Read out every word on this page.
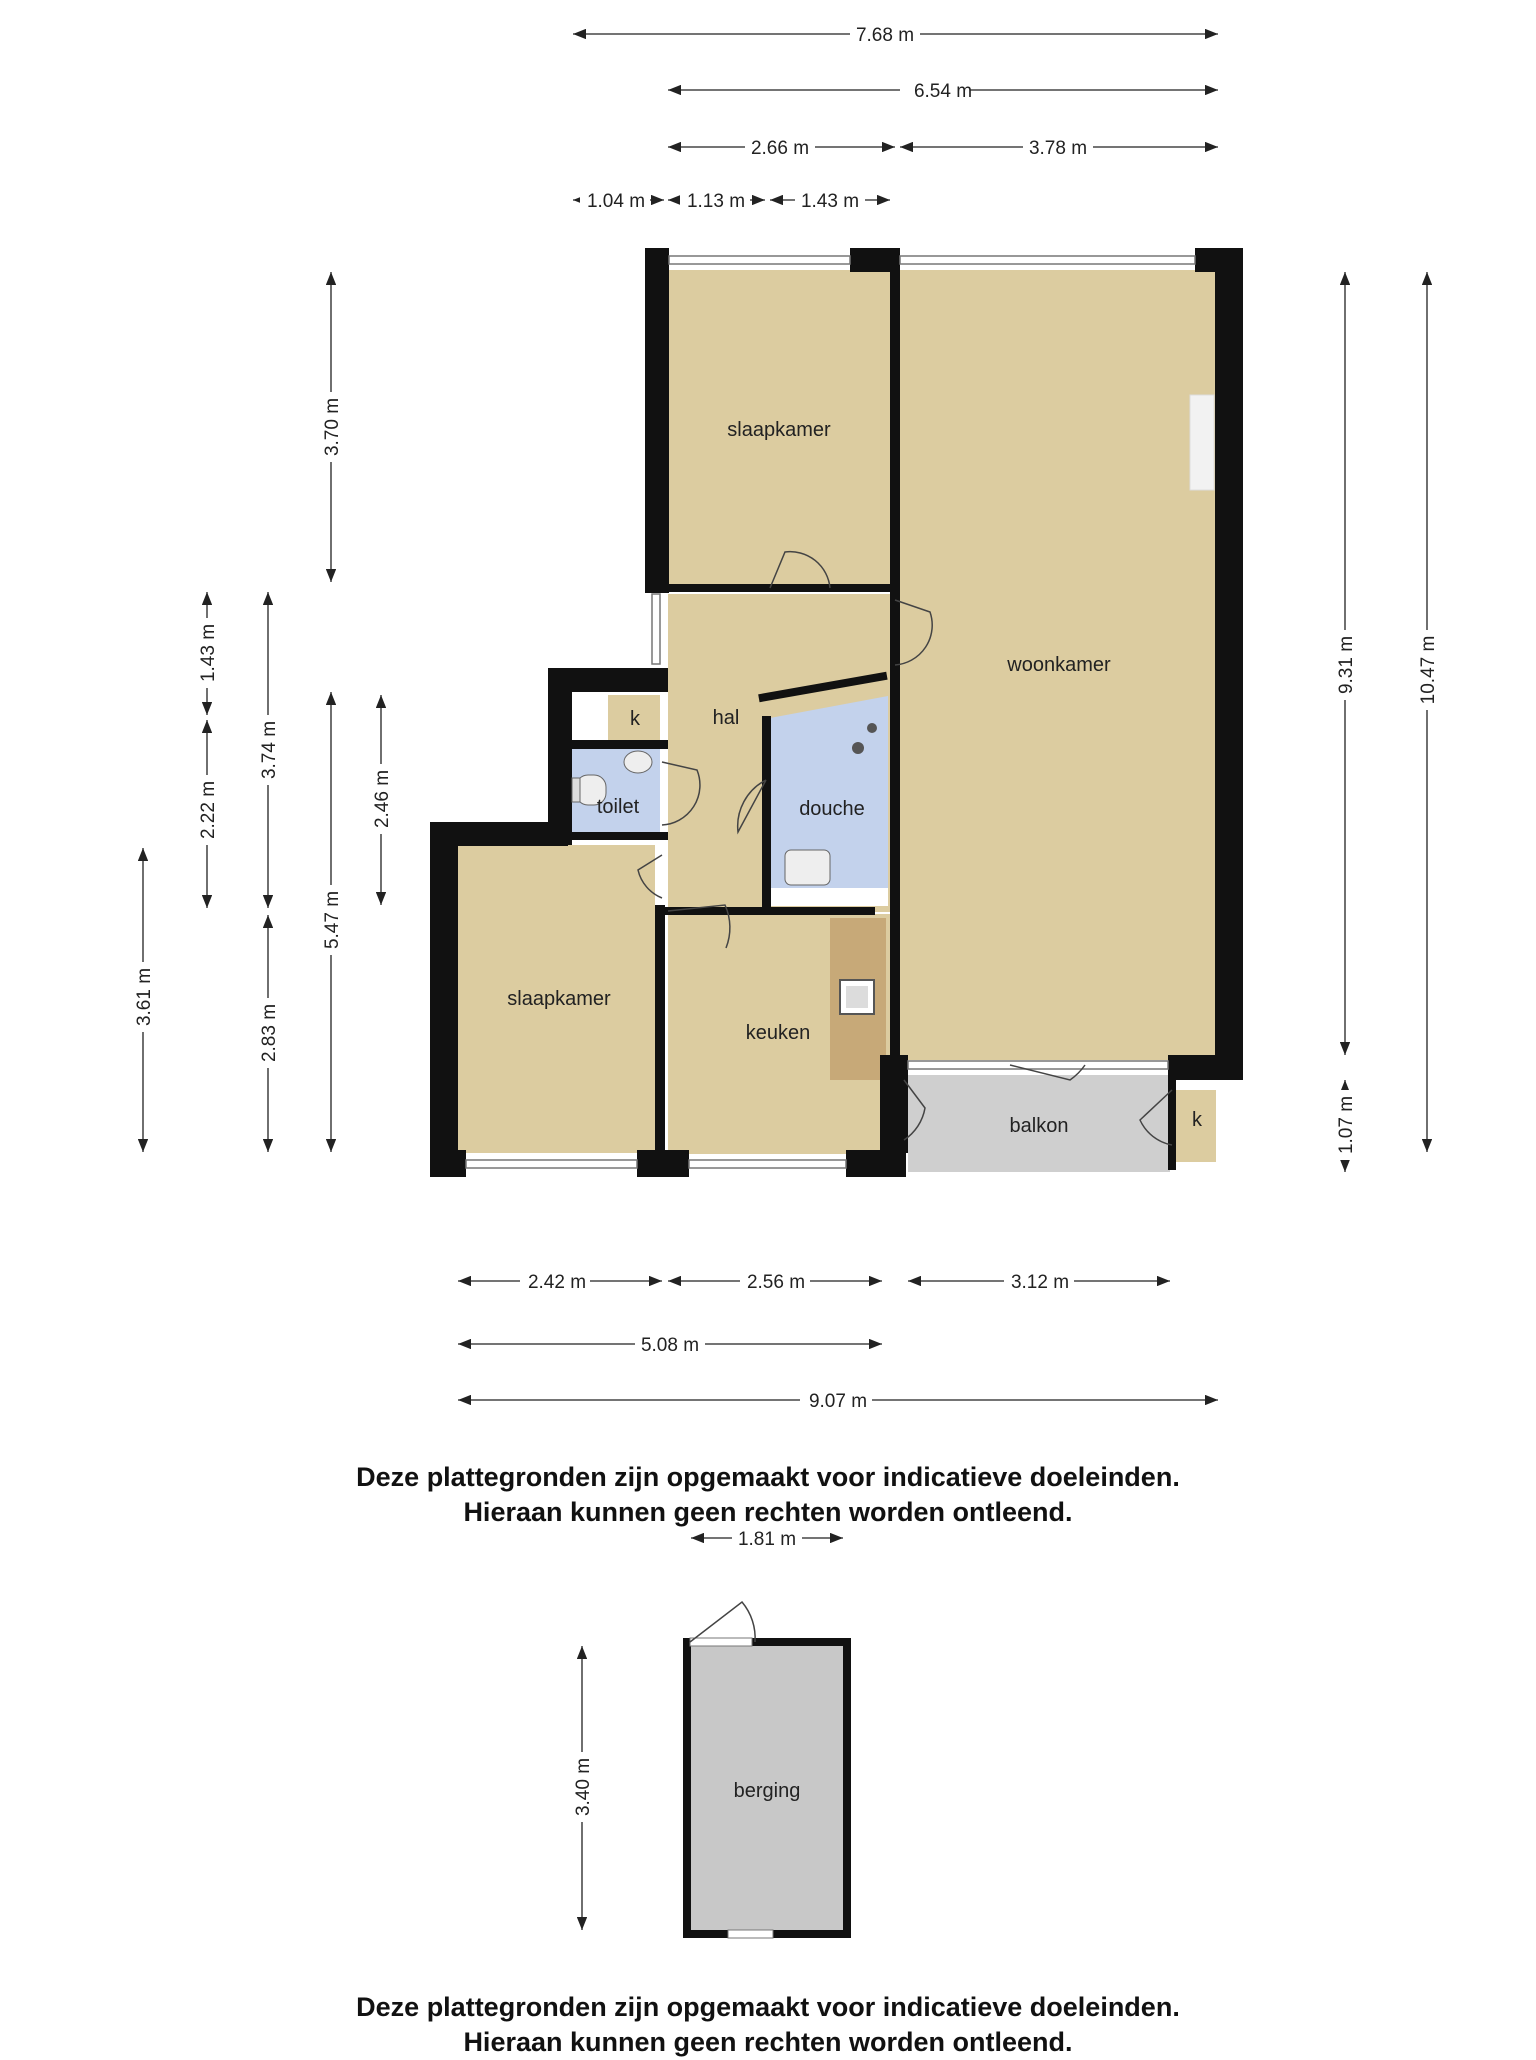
slaapkamer
woonkamer
hal
k
toilet	douche
slaapkamer
keuken
balkon	k
berging
7.68 m
6.54 m
2.66 m	3.78 m
1.04 m 1.13 m	1.43 m
2.42 m	2.56 m	3.12 m
5.08 m
9.07 m
1.81 m
3.70 m
1.43 m
3.74 m
2.22 m	2.46 m
5.47 m
3.61 m
2.83 m
3.40 m
9.31 m	10.47 m
1.07 m
Deze plattegronden zijn opgemaakt voor indicatieve doeleinden.
Hieraan kunnen geen rechten worden ontleend.
Deze plattegronden zijn opgemaakt voor indicatieve doeleinden.
Hieraan kunnen geen rechten worden ontleend.
